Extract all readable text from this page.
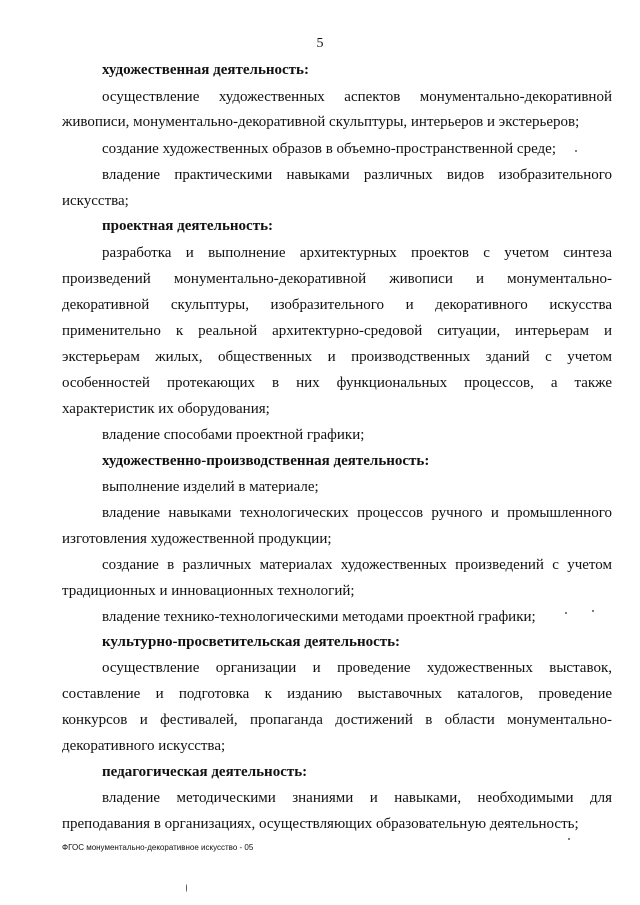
5
художественная деятельность:
осуществление художественных аспектов монументально-декоративной
живописи, монументально-декоративной скульптуры, интерьеров и экстерьеров;
создание художественных образов в объемно-пространственной среде;
владение практическими навыками различных видов изобразительного
искусства;
проектная деятельность:
разработка и выполнение архитектурных проектов с учетом синтеза
произведений монументально-декоративной живописи и монументально-
декоративной скульптуры, изобразительного и декоративного искусства
применительно к реальной архитектурно-средовой ситуации, интерьерам и
экстерьерам жилых, общественных и производственных зданий с учетом
особенностей протекающих в них функциональных процессов, а также
характеристик их оборудования;
владение способами проектной графики;
художественно-производственная деятельность:
выполнение изделий в материале;
владение навыками технологических процессов ручного и промышленного
изготовления художественной продукции;
создание в различных материалах художественных произведений с учетом
традиционных и инновационных технологий;
владение технико-технологическими методами проектной графики;
культурно-просветительская деятельность:
осуществление организации и проведение художественных выставок,
составление и подготовка к изданию выставочных каталогов, проведение
конкурсов и фестивалей, пропаганда достижений в области монументально-
декоративного искусства;
педагогическая деятельность:
владение методическими знаниями и навыками, необходимыми для
преподавания в организациях, осуществляющих образовательную деятельность;
ФГОС монументально-декоративное искусство - 05
